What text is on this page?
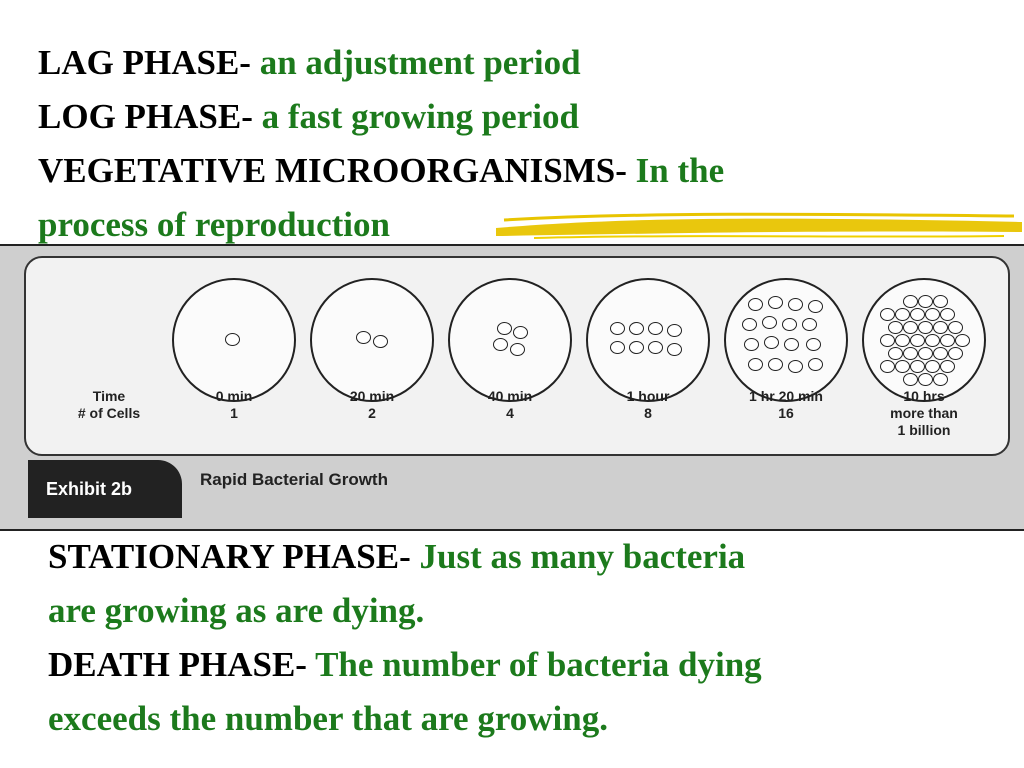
LAG PHASE- an adjustment period
LOG PHASE- a fast growing period
VEGETATIVE MICROORGANISMS- In the
process of reproduction
Time
# of Cells
0 min
1
20 min
2
40 min
4
1 hour
8
1 hr 20 min
16
10 hrs
more than
1 billion
Exhibit 2b	Rapid Bacterial Growth
STATIONARY PHASE- Just as many bacteria
are growing as are dying.
DEATH PHASE- The number of bacteria dying
exceeds the number that are growing.
